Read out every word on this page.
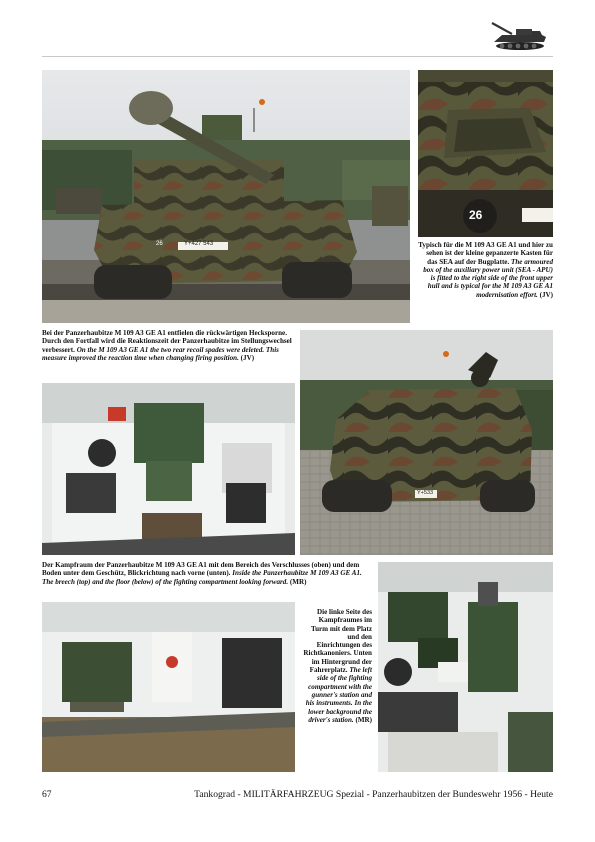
Y+427 543
26
26
Typisch für die M 109 A3 GE A1 und hier zu sehen ist der kleine gepanzerte Kasten für das SEA auf der Bugplatte. The armoured box of the auxiliary power unit (SEA - APU) is fitted to the right side of the front upper hull and is typical for the M 109 A3 GE A1 modernisation effort. (JV)
Bei der Panzerhaubitze M 109 A3 GE A1 entfielen die rückwärtigen Hecksporne. Durch den Fortfall wird die Reaktionszeit der Panzerhaubitze im Stellungswechsel verbessert. On the M 109 A3 GE A1 the two rear recoil spades were deleted. This measure improved the reaction time when changing firing position. (JV)
Y+533
Der Kampfraum der Panzerhaubitze M 109 A3 GE A1 mit dem Bereich des Verschlusses (oben) und dem Boden unter dem Geschütz, Blickrichtung nach vorne (unten). Inside the Panzerhaubitze M 109 A3 GE A1. The breech (top) and the floor (below) of the fighting compartment looking forward. (MR)
Die linke Seite des Kampfraumes im Turm mit dem Platz und den Einrichtungen des Richtkanoniers. Unten im Hintergrund der Fahrerplatz. The left side of the fighting compartment with the gunner's station and his instruments. In the lower background the driver's station. (MR)
67	Tankograd - MILITÄRFAHRZEUG Spezial - Panzerhaubitzen der Bundeswehr 1956 - Heute
